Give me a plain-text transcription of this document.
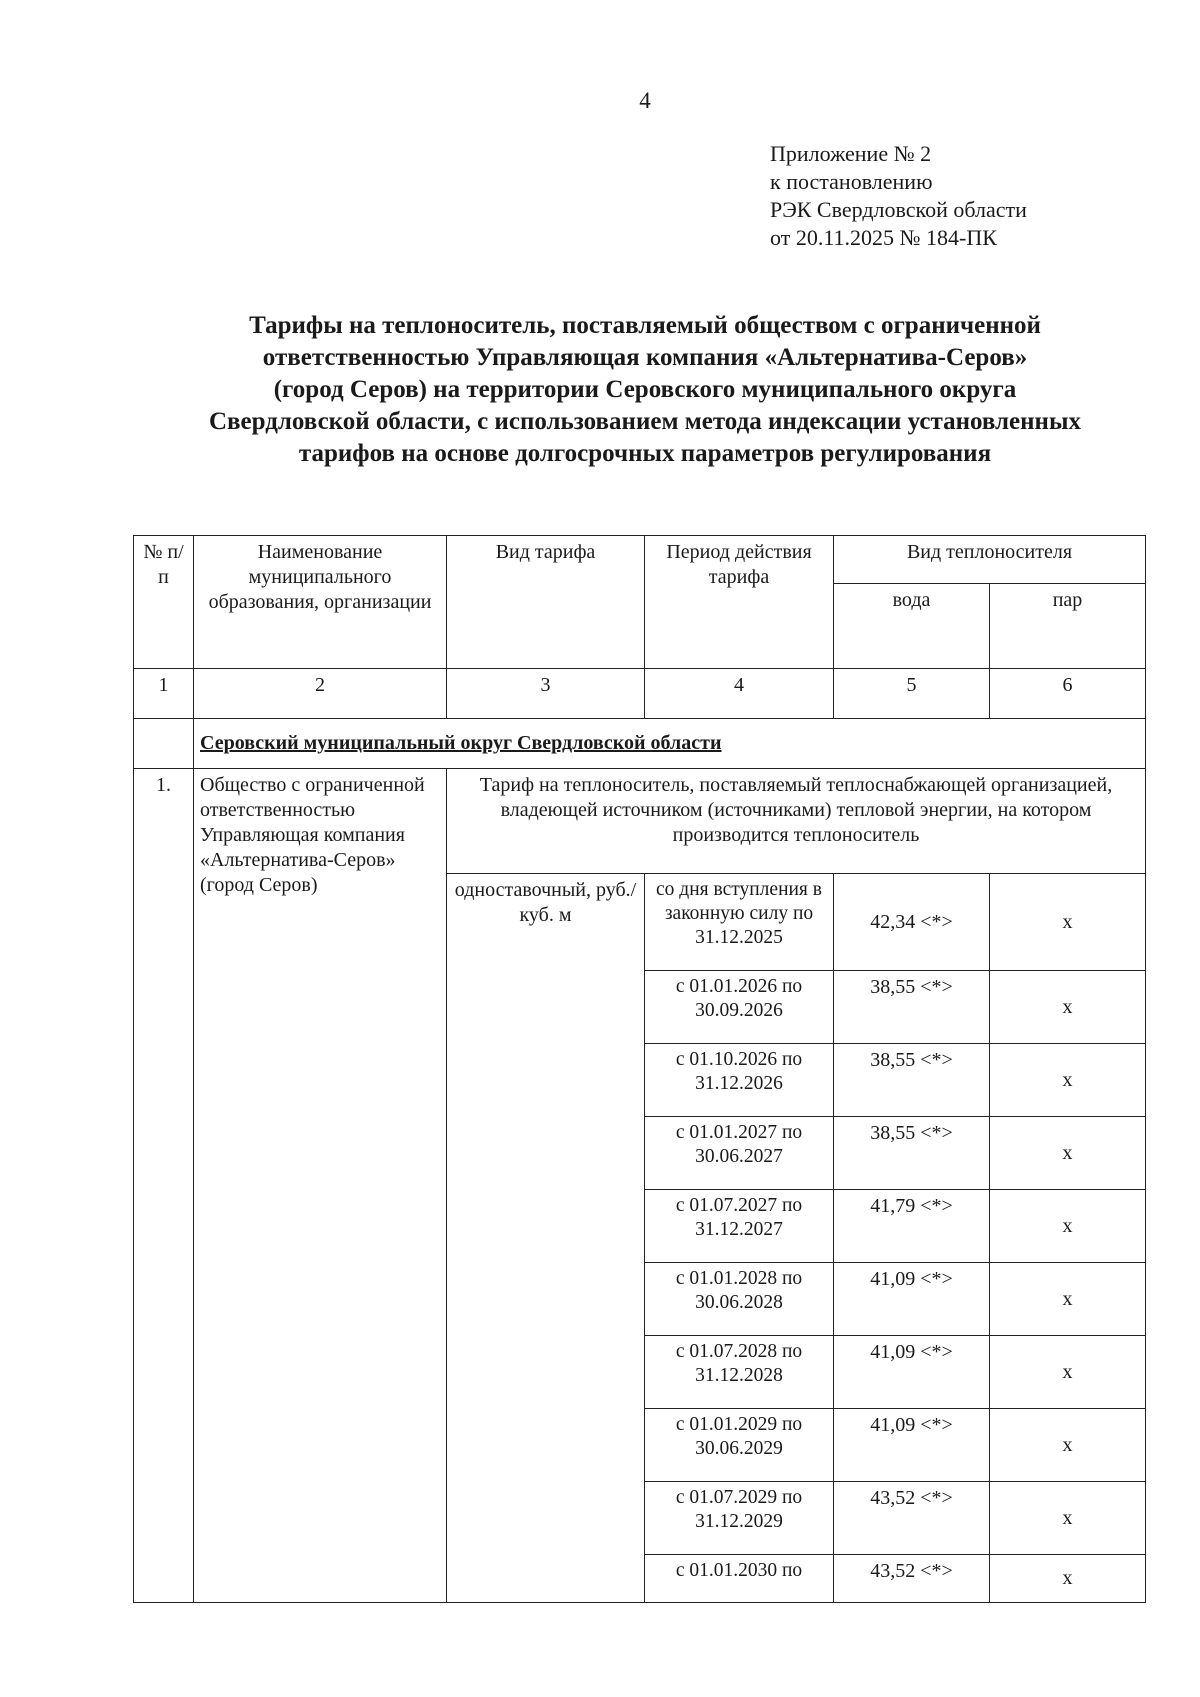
4
Приложение № 2
к постановлению
РЭК Свердловской области
от 20.11.2025 № 184-ПК
Тарифы на теплоноситель, поставляемый обществом с ограниченной
ответственностью Управляющая компания «Альтернатива-Серов»
(город Серов) на территории Серовского муниципального округа
Свердловской области, с использованием метода индексации установленных
тарифов на основе долгосрочных параметров регулирования
№ п/п	Наименование муниципального образования, организации	Вид тарифа	Период действия тарифа	Вид теплоносителя	
				вода	пар
1	2	3	4	5	6
	Серовский муниципальный округ Свердловской области				
1.	Общество с ограниченной ответственностью Управляющая компания «Альтернатива-Серов» (город Серов)	Тариф на теплоноситель, поставляемый теплоснабжающей организацией, владеющей источником (источниками) тепловой энергии, на котором производится теплоноситель			
		одноставочный, руб./куб. м	со дня вступления в законную силу по 31.12.2025	42,34 <*>	х
			с 01.01.2026 по 30.09.2026	38,55 <*>	х
			с 01.10.2026 по 31.12.2026	38,55 <*>	х
			с 01.01.2027 по 30.06.2027	38,55 <*>	х
			с 01.07.2027 по 31.12.2027	41,79 <*>	х
			с 01.01.2028 по 30.06.2028	41,09 <*>	х
			с 01.07.2028 по 31.12.2028	41,09 <*>	х
			с 01.01.2029 по 30.06.2029	41,09 <*>	х
			с 01.07.2029 по 31.12.2029	43,52 <*>	х
			с 01.01.2030 по	43,52 <*>	х
